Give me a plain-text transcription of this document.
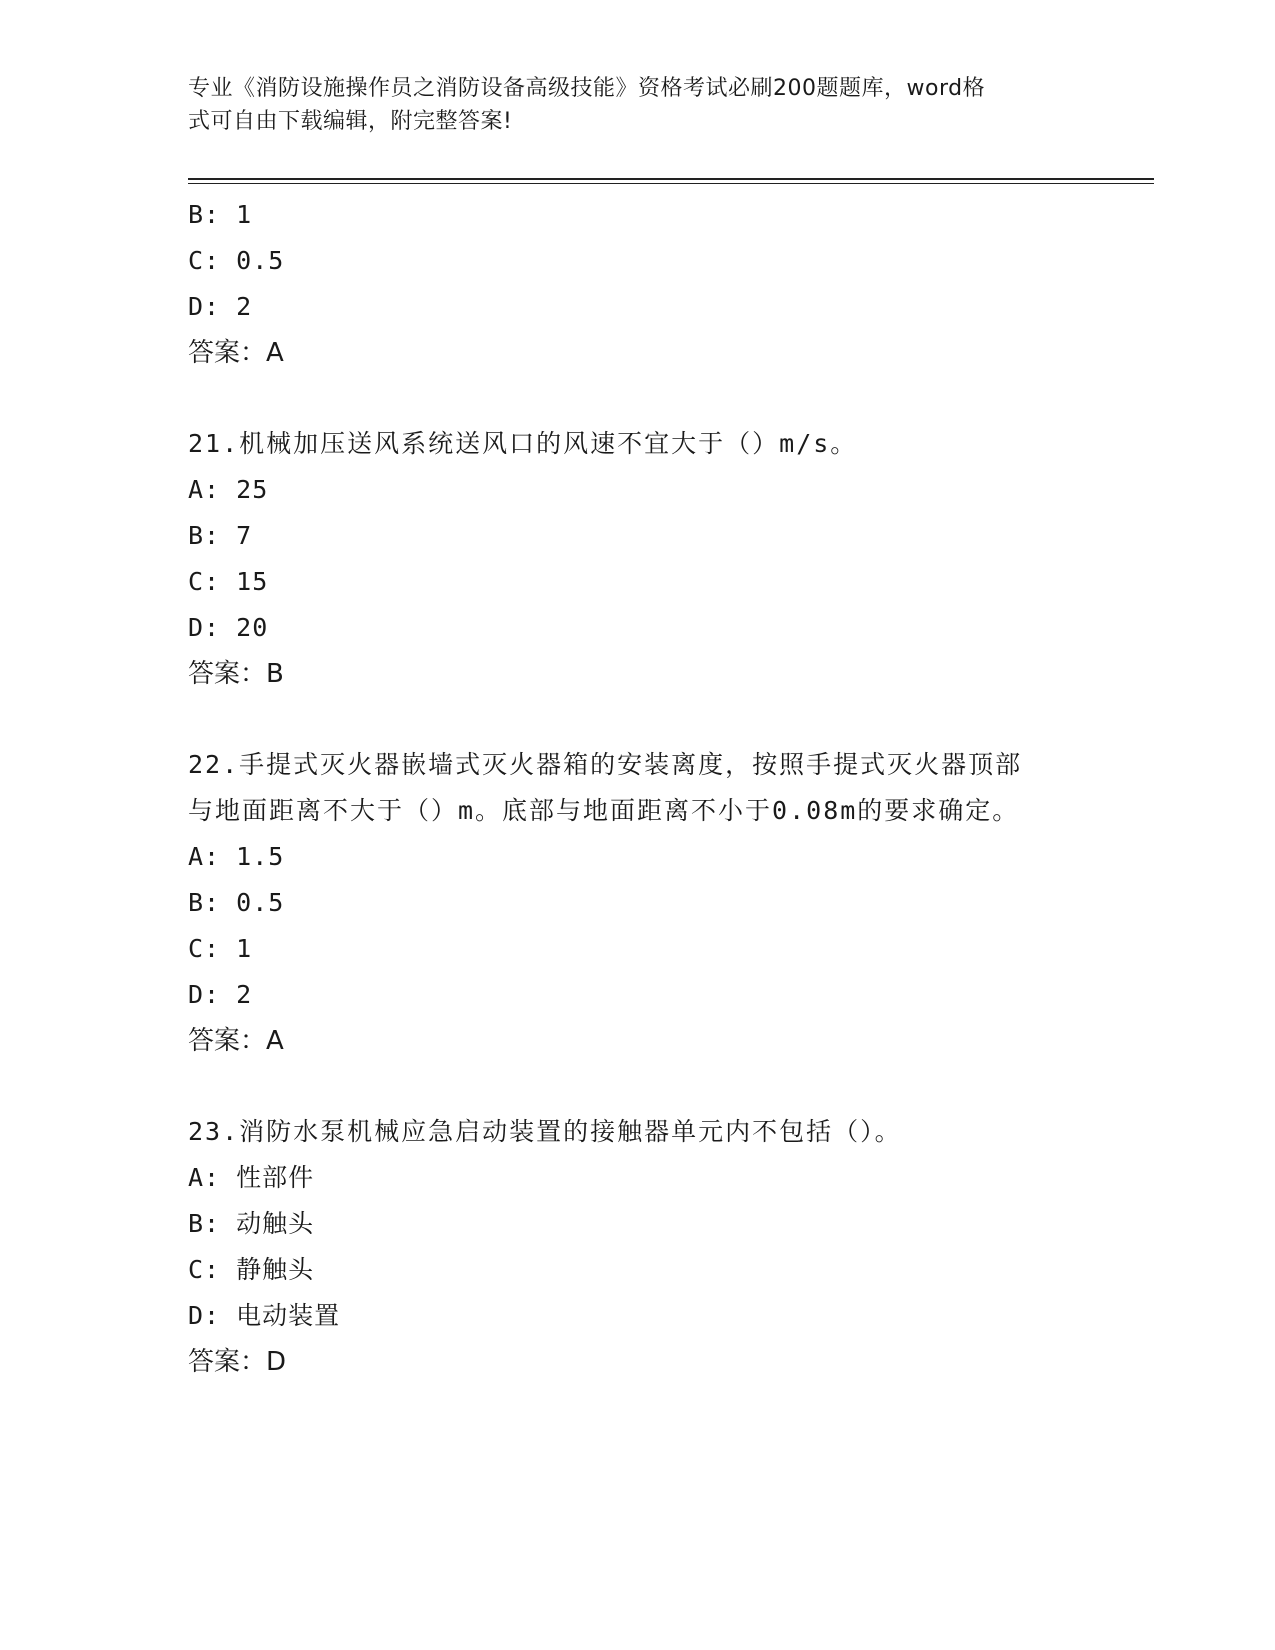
专业《消防设施操作员之消防设备高级技能》资格考试必刷200题题库，word格
式可自由下载编辑，附完整答案!
B: 1
C: 0.5
D: 2
答案：A
21.机械加压送风系统送风口的风速不宜大于（）m/s。
A: 25
B: 7
C: 15
D: 20
答案：B
22.手提式灭火器嵌墙式灭火器箱的安装离度，按照手提式灭火器顶部
与地面距离不大于（）m。底部与地面距离不小于0.08m的要求确定。
A: 1.5
B: 0.5
C: 1
D: 2
答案：A
23.消防水泵机械应急启动装置的接触器单元内不包括（）。
A: 性部件
B: 动触头
C: 静触头
D: 电动装置
答案：D
